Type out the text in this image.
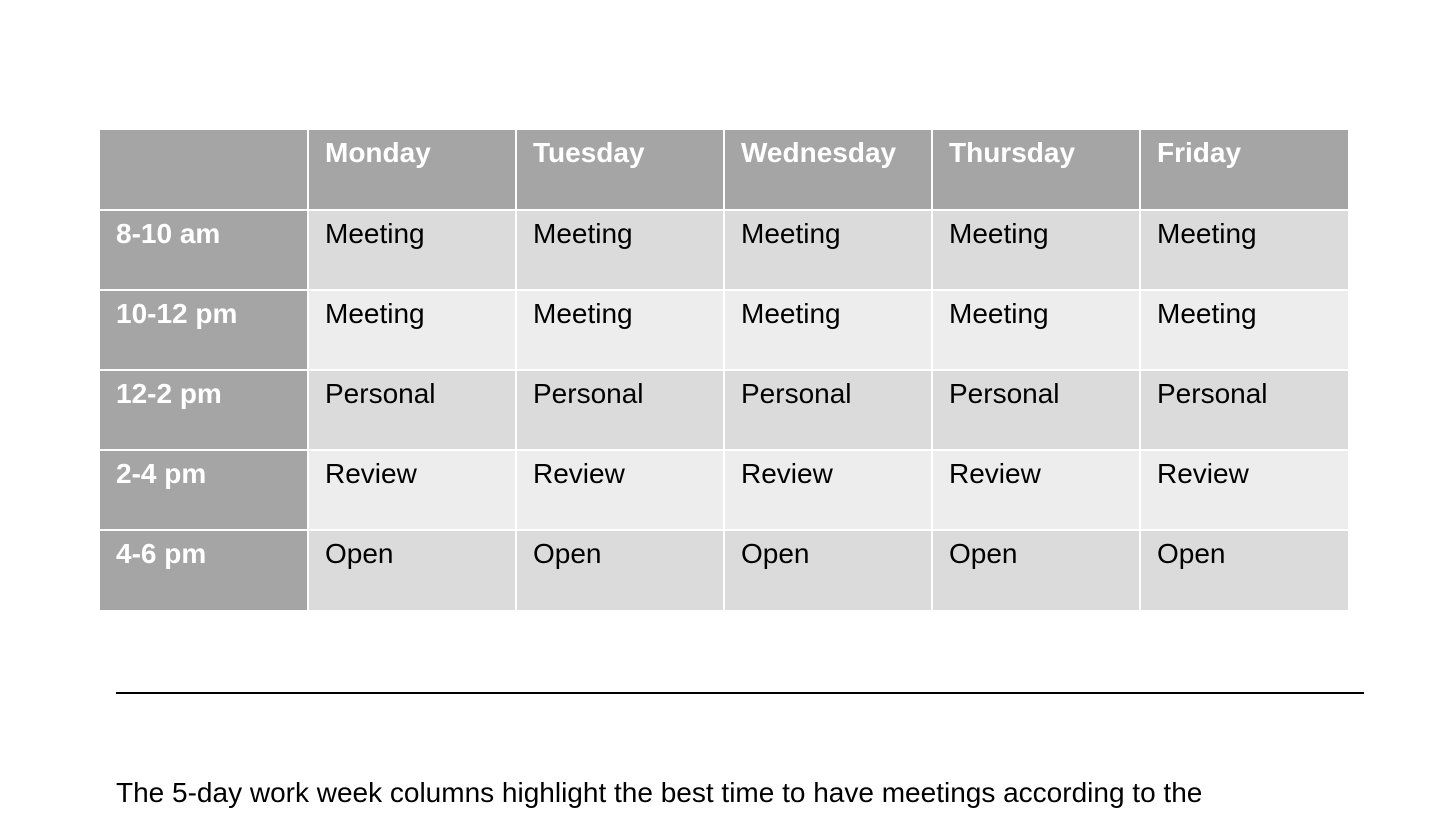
	Monday	Tuesday	Wednesday	Thursday	Friday
8-10 am	Meeting	Meeting	Meeting	Meeting	Meeting
10-12 pm	Meeting	Meeting	Meeting	Meeting	Meeting
12-2 pm	Personal	Personal	Personal	Personal	Personal
2-4 pm	Review	Review	Review	Review	Review
4-6 pm	Open	Open	Open	Open	Open

The 5-day work week columns highlight the best time to have meetings according to the
